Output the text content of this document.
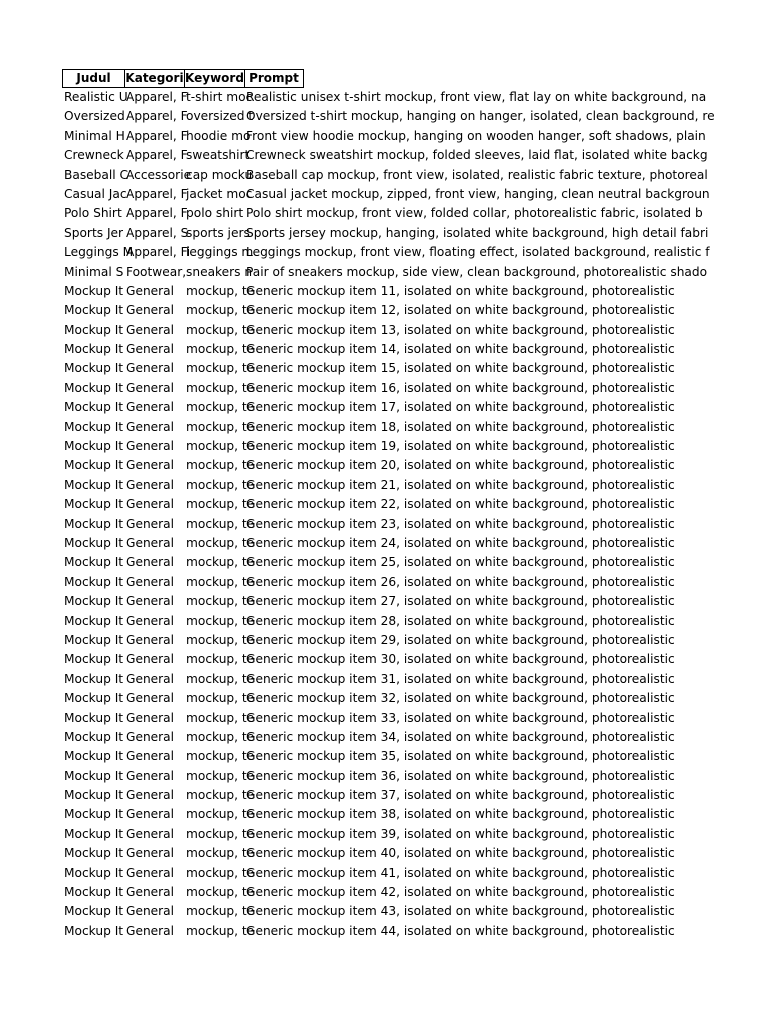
Judul	Kategori Keyword Prompt
Realistic U
Apparel, F
t-shirt moc
Realistic unisex t-shirt mockup, front view, flat lay on white background, na
Oversized Apparel, F
oversized t
Oversized t-shirt mockup, hanging on hanger, isolated, clean background, re
Minimal H Apparel, F
hoodie mo
Front view hoodie mockup, hanging on wooden hanger, soft shadows, plain
Crewneck Apparel, F
sweatshirt
Crewneck sweatshirt mockup, folded sleeves, laid flat, isolated white backg
Baseball C
Accessorie
cap mocku
Baseball cap mockup, front view, isolated, realistic fabric texture, photoreal
Casual Jac Apparel, F
jacket moc
Casual jacket mockup, zipped, front view, hanging, clean neutral backgroun
Polo Shirt Apparel, F
polo shirt Polo shirt mockup, front view, folded collar, photorealistic fabric, isolated b
Sports Jer Apparel, S
sports jers
Sports jersey mockup, hanging, isolated white background, high detail fabri
Leggings M
Apparel, Fi
leggings m
Leggings mockup, front view, floating effect, isolated background, realistic f
Minimal S Footwear, sneakers n
Pair of sneakers mockup, side view, clean background, photorealistic shado
Mockup It General mockup, te
Generic mockup item 11, isolated on white background, photorealistic
Mockup It General mockup, te
Generic mockup item 12, isolated on white background, photorealistic
Mockup It General mockup, te
Generic mockup item 13, isolated on white background, photorealistic
Mockup It General mockup, te
Generic mockup item 14, isolated on white background, photorealistic
Mockup It General mockup, te
Generic mockup item 15, isolated on white background, photorealistic
Mockup It General mockup, te
Generic mockup item 16, isolated on white background, photorealistic
Mockup It General mockup, te
Generic mockup item 17, isolated on white background, photorealistic
Mockup It General mockup, te
Generic mockup item 18, isolated on white background, photorealistic
Mockup It General mockup, te
Generic mockup item 19, isolated on white background, photorealistic
Mockup It General mockup, te
Generic mockup item 20, isolated on white background, photorealistic
Mockup It General mockup, te
Generic mockup item 21, isolated on white background, photorealistic
Mockup It General mockup, te
Generic mockup item 22, isolated on white background, photorealistic
Mockup It General mockup, te
Generic mockup item 23, isolated on white background, photorealistic
Mockup It General mockup, te
Generic mockup item 24, isolated on white background, photorealistic
Mockup It General mockup, te
Generic mockup item 25, isolated on white background, photorealistic
Mockup It General mockup, te
Generic mockup item 26, isolated on white background, photorealistic
Mockup It General mockup, te
Generic mockup item 27, isolated on white background, photorealistic
Mockup It General mockup, te
Generic mockup item 28, isolated on white background, photorealistic
Mockup It General mockup, te
Generic mockup item 29, isolated on white background, photorealistic
Mockup It General mockup, te
Generic mockup item 30, isolated on white background, photorealistic
Mockup It General mockup, te
Generic mockup item 31, isolated on white background, photorealistic
Mockup It General mockup, te
Generic mockup item 32, isolated on white background, photorealistic
Mockup It General mockup, te
Generic mockup item 33, isolated on white background, photorealistic
Mockup It General mockup, te
Generic mockup item 34, isolated on white background, photorealistic
Mockup It General mockup, te
Generic mockup item 35, isolated on white background, photorealistic
Mockup It General mockup, te
Generic mockup item 36, isolated on white background, photorealistic
Mockup It General mockup, te
Generic mockup item 37, isolated on white background, photorealistic
Mockup It General mockup, te
Generic mockup item 38, isolated on white background, photorealistic
Mockup It General mockup, te
Generic mockup item 39, isolated on white background, photorealistic
Mockup It General mockup, te
Generic mockup item 40, isolated on white background, photorealistic
Mockup It General mockup, te
Generic mockup item 41, isolated on white background, photorealistic
Mockup It General mockup, te
Generic mockup item 42, isolated on white background, photorealistic
Mockup It General mockup, te
Generic mockup item 43, isolated on white background, photorealistic
Mockup It General mockup, te
Generic mockup item 44, isolated on white background, photorealistic
